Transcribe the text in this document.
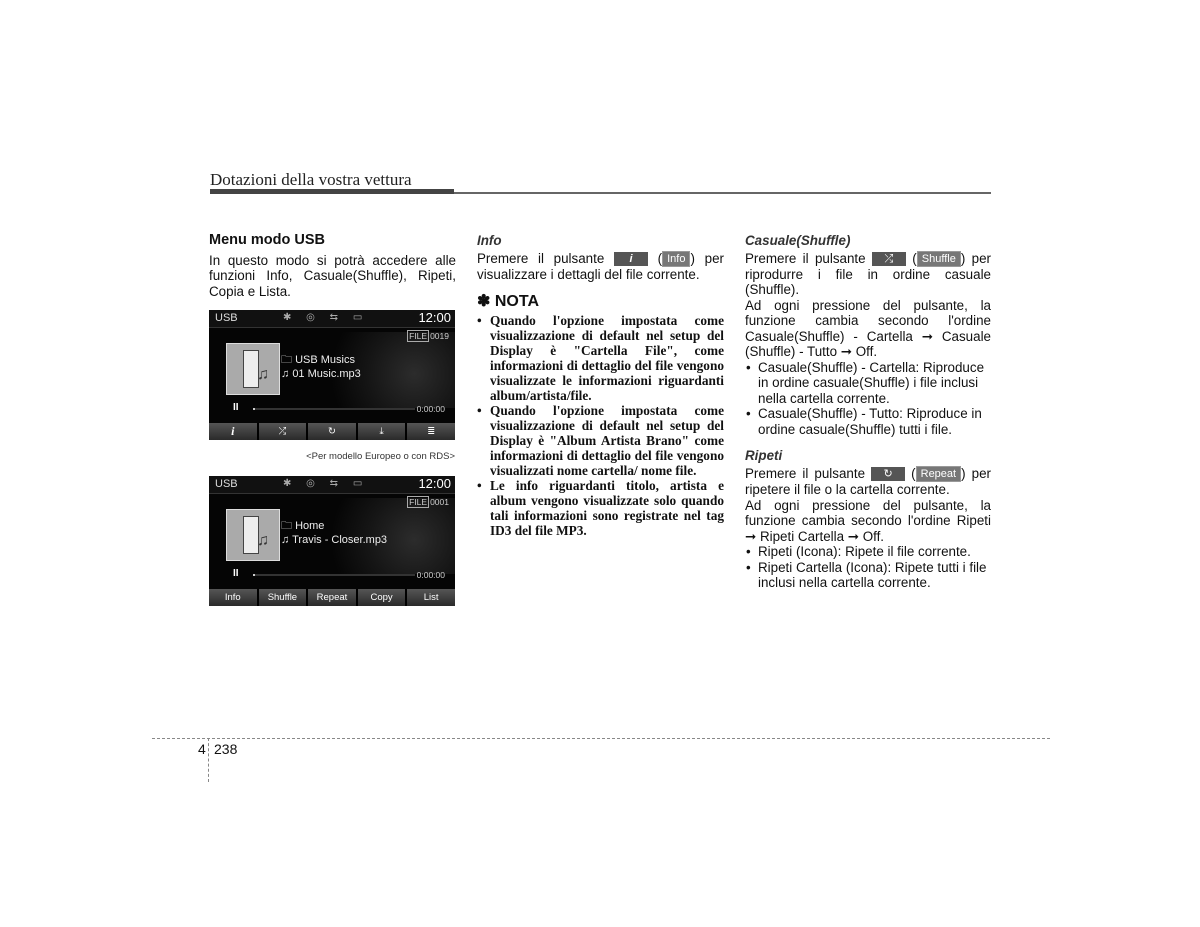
Dotazioni della vostra vettura

Menu modo USB

In questo modo si potrà accedere alle funzioni Info, Casuale(Shuffle), Ripeti, Copia e Lista.

USB	✱ ◎ ⇆ ▭	12:00
FILE 0019
♫
🗀 USB Musics
♫ 01 Music.mp3
II	0:00:00
i	⤮	↻	⤓	≣
<Per modello Europeo o con RDS>
USB	✱ ◎ ⇆ ▭	12:00
FILE 0001
♫
🗀 Home
♫ Travis - Closer.mp3
II	0:00:00
Info	Shuffle	Repeat	Copy	List

Info

Premere il pulsante i ( Info ) per visualizzare i dettagli del file corrente.

✽ NOTA

• Quando l'opzione impostata come visualizzazione di default nel setup del Display è "Cartella File", come informazioni di dettaglio del file vengono visualizzate le informazioni riguardanti album/artista/file.
• Quando l'opzione impostata come visualizzazione di default nel setup del Display è "Album Artista Brano" come informazioni di dettaglio del file vengono visualizzati nome cartella/ nome file.
• Le info riguardanti titolo, artista e album vengono visualizzate solo quando tali informazioni sono registrate nel tag ID3 del file MP3.

Casuale(Shuffle)

Premere il pulsante ⤮ ( Shuffle ) per riprodurre i file in ordine casuale (Shuffle).

Ad ogni pressione del pulsante, la funzione cambia secondo l'ordine Casuale(Shuffle) - Cartella ➞ Casuale (Shuffle) - Tutto ➞ Off.

• Casuale(Shuffle) - Cartella: Riproduce in ordine casuale(Shuffle) i file inclusi nella cartella corrente.
• Casuale(Shuffle) - Tutto: Riproduce in ordine casuale(Shuffle) tutti i file.

Ripeti

Premere il pulsante ↻ ( Repeat ) per ripetere il file o la cartella corrente.

Ad ogni pressione del pulsante, la funzione cambia secondo l'ordine Ripeti ➞ Ripeti Cartella ➞ Off.

• Ripeti (Icona): Ripete il file corrente.
• Ripeti Cartella (Icona): Ripete tutti i file inclusi nella cartella corrente.
4 238
